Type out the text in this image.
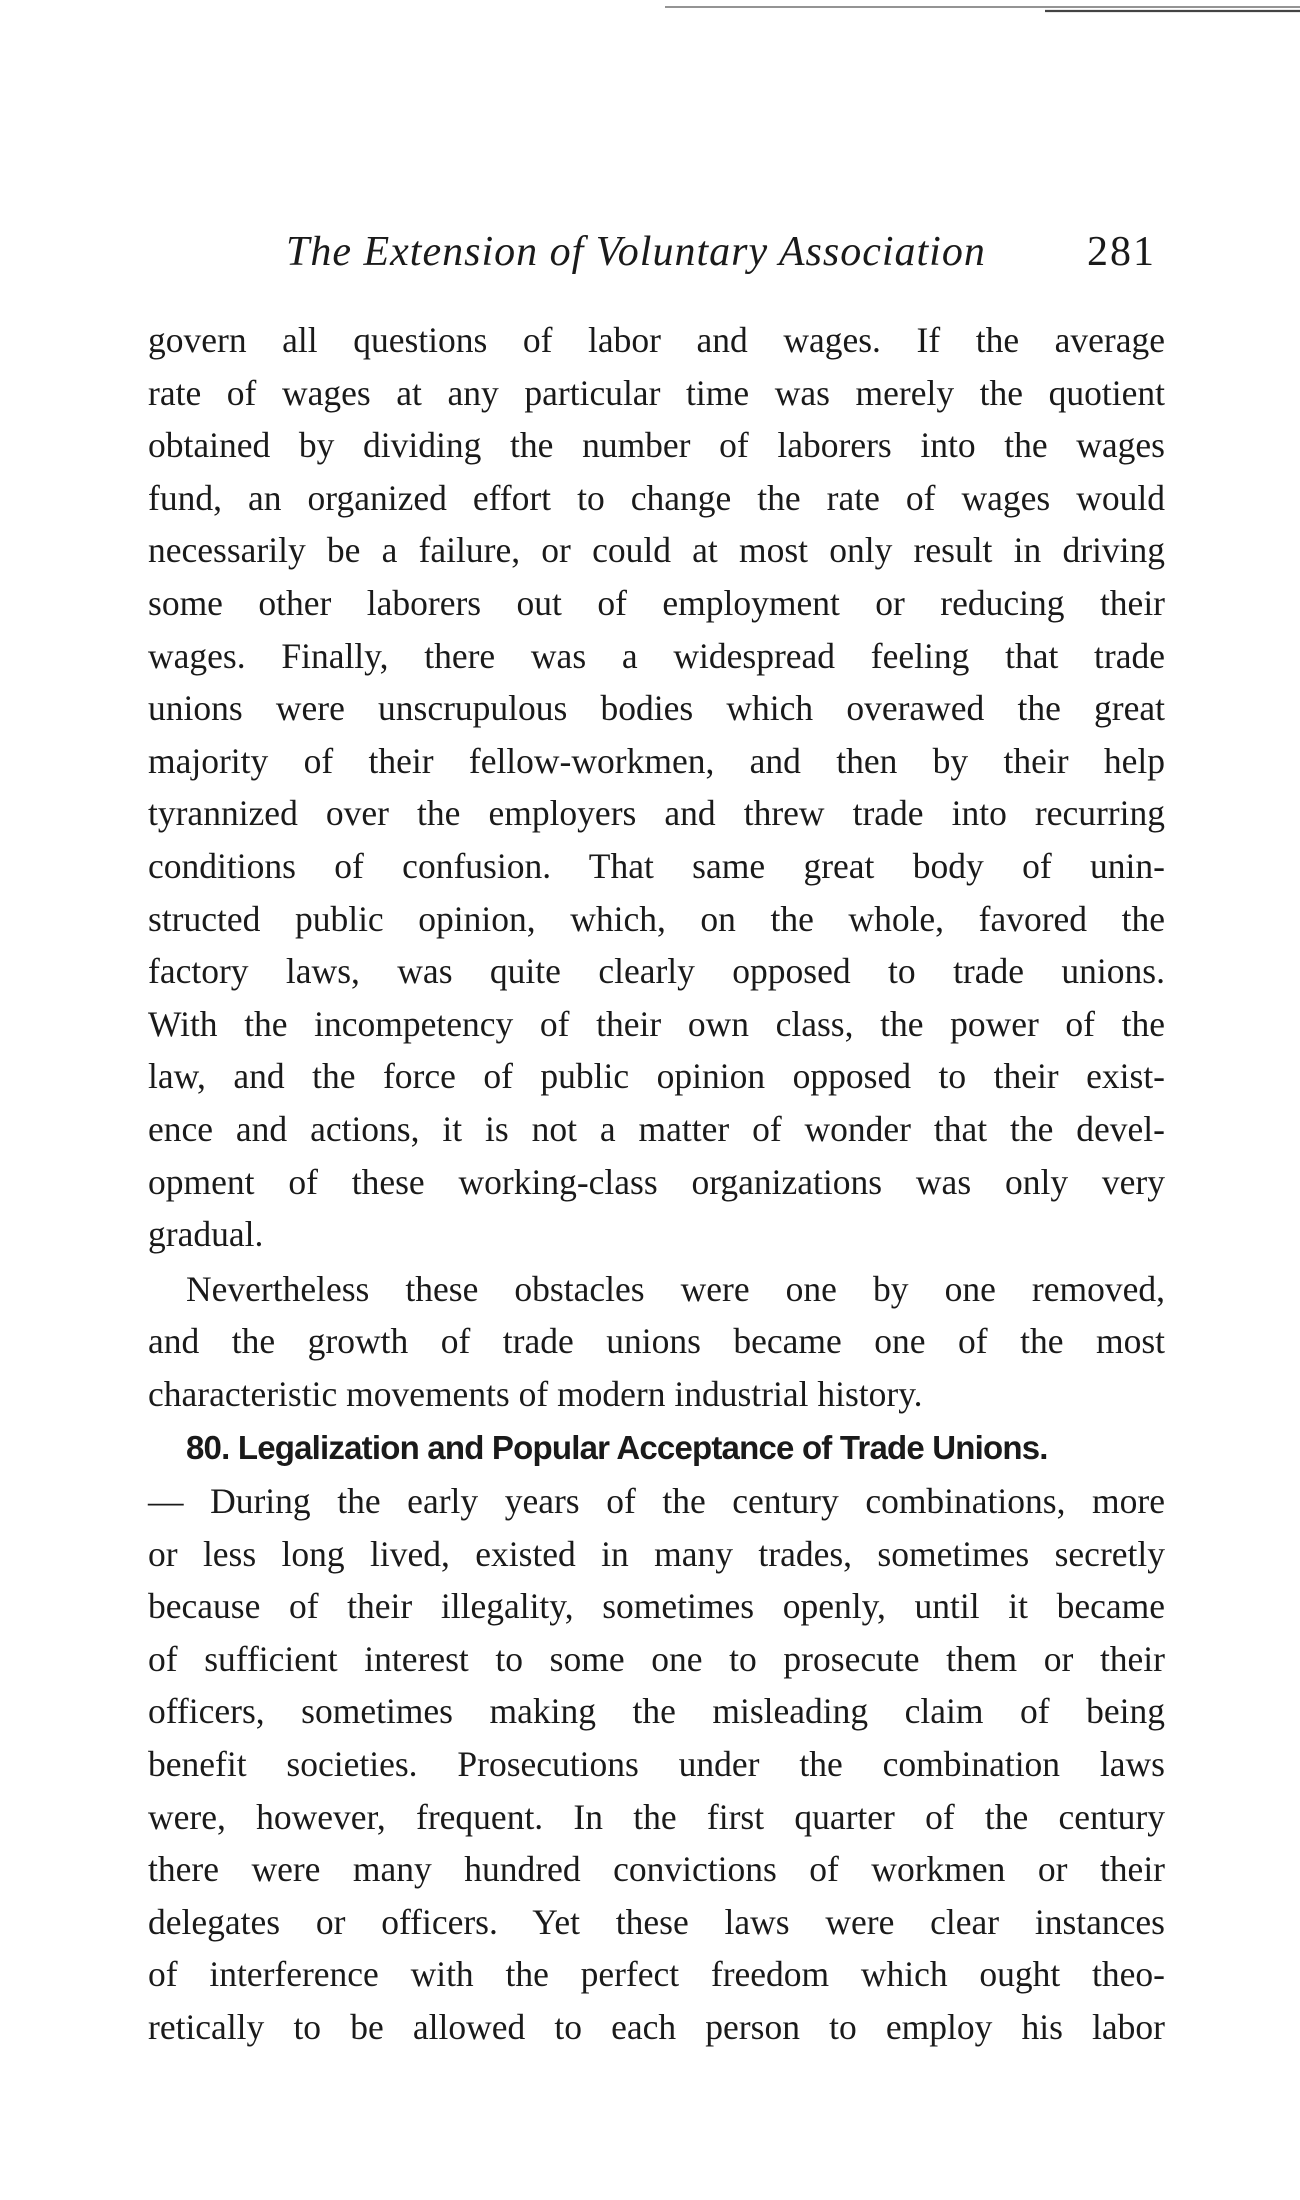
The Extension of Voluntary Association 281
govern all questions of labor and wages. If the average
rate of wages at any particular time was merely the quotient
obtained by dividing the number of laborers into the wages
fund, an organized effort to change the rate of wages would
necessarily be a failure, or could at most only result in driving
some other laborers out of employment or reducing their
wages. Finally, there was a widespread feeling that trade
unions were unscrupulous bodies which overawed the great
majority of their fellow-workmen, and then by their help
tyrannized over the employers and threw trade into recurring
conditions of confusion. That same great body of unin-
structed public opinion, which, on the whole, favored the
factory laws, was quite clearly opposed to trade unions.
With the incompetency of their own class, the power of the
law, and the force of public opinion opposed to their exist-
ence and actions, it is not a matter of wonder that the devel-
opment of these working-class organizations was only very
gradual.
Nevertheless these obstacles were one by one removed,
and the growth of trade unions became one of the most
characteristic movements of modern industrial history.
80. Legalization and Popular Acceptance of Trade Unions.
— During the early years of the century combinations, more
or less long lived, existed in many trades, sometimes secretly
because of their illegality, sometimes openly, until it became
of sufficient interest to some one to prosecute them or their
officers, sometimes making the misleading claim of being
benefit societies. Prosecutions under the combination laws
were, however, frequent. In the first quarter of the century
there were many hundred convictions of workmen or their
delegates or officers. Yet these laws were clear instances
of interference with the perfect freedom which ought theo-
retically to be allowed to each person to employ his labor
